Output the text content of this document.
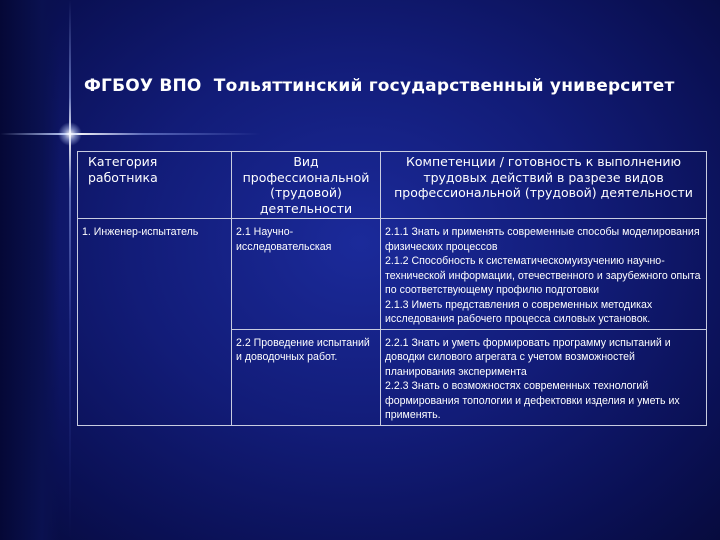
ФГБОУ ВПО  Тольяттинский государственный университет
Категория работника	Вид профессиональной (трудовой) деятельности	Компетенции / готовность к выполнению трудовых действий в разрезе видов профессиональной (трудовой) деятельности
1. Инженер-испытатель	2.1 Научно-исследовательская	2.1.1 Знать и применять современные способы моделирования физических процессов
2.1.2 Способность к систематическомуизучению научно-технической информации, отечественного и зарубежного опыта по соответствующему профилю подготовки
2.1.3 Иметь представления о современных методиках исследования рабочего процесса силовых установок.

	2.2 Проведение испытаний и доводочных работ.	2.2.1 Знать и уметь формировать программу испытаний и доводки силового агрегата с учетом возможностей планирования эксперимента
2.2.3 Знать о возможностях современных технологий формирования топологии и дефектовки изделия и уметь их применять.
